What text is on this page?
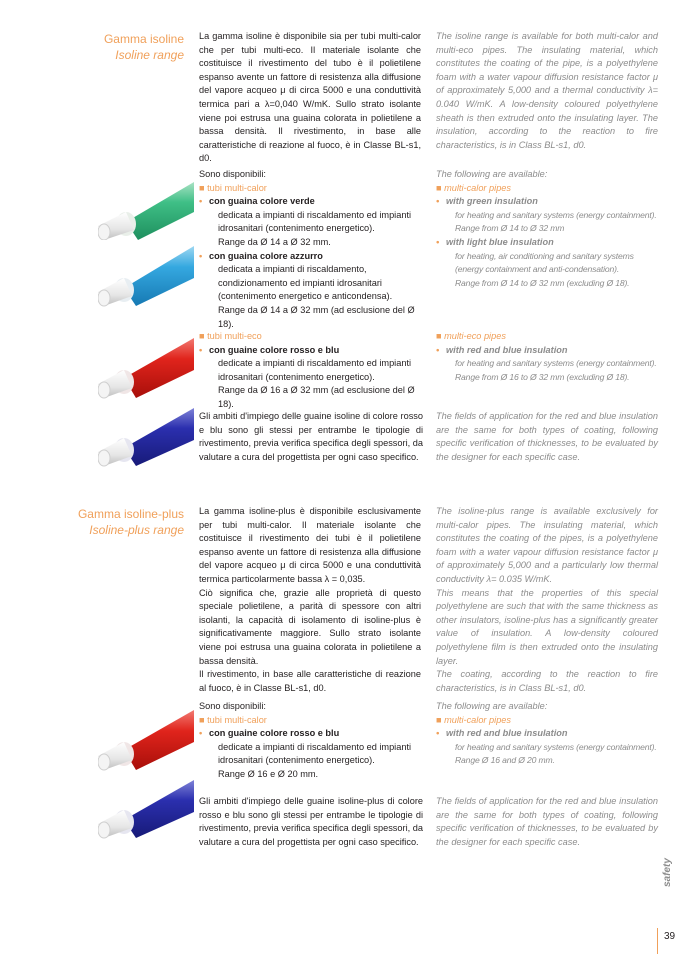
Gamma isoline
Isoline range
La gamma isoline è disponibile sia per tubi multi-calor che per tubi multi-eco. Il materiale isolante che costituisce il rivestimento del tubo è il polietilene espanso avente un fattore di resistenza alla diffusione del vapore acqueo μ di circa 5000 e una conduttività termica pari a λ=0,040 W/mK. Sullo strato isolante viene poi estrusa una guaina colorata in polietilene a bassa densità. Il rivestimento, in base alle caratteristiche di reazione al fuoco, è in Classe BL-s1, d0.
The isoline range is available for both multi-calor and multi-eco pipes. The insulating material, which constitutes the coating of the pipe, is a polyethylene foam with a water vapour diffusion resistance factor μ of approximately 5,000 and a thermal conductivity λ= 0.040 W/mK. A low-density coloured polyethylene sheath is then extruded onto the insulating layer. The insulation, according to the reaction to fire characteristics, is in Class BL-s1, d0.
Sono disponibili:
■ tubi multi-calor
• con guaina colore verde
dedicata a impianti di riscaldamento ed impianti idrosanitari (contenimento energetico).
Range da Ø 14 a Ø 32 mm.
• con guaina colore azzurro
dedicata a impianti di riscaldamento, condizionamento ed impianti idrosanitari (contenimento energetico e anticondensa).
Range da Ø 14 a Ø 32 mm (ad esclusione del Ø 18).
The following are available:
■ multi-calor pipes
• with green insulation
for heating and sanitary systems (energy containment).
Range from Ø 14 to Ø 32 mm
• with light blue insulation
for heating, air conditioning and sanitary systems (energy containment and anti-condensation).
Range from Ø 14 to Ø 32 mm (excluding Ø 18).
■ tubi multi-eco
• con guaine colore rosso e blu
dedicate a impianti di riscaldamento ed impianti idrosanitari (contenimento energetico).
Range da Ø 16 a Ø 32 mm (ad esclusione del Ø 18).
■ multi-eco pipes
• with red and blue insulation
for heating and sanitary systems (energy containment).
Range from Ø 16 to Ø 32 mm (excluding Ø 18).
Gli ambiti d'impiego delle guaine isoline di colore rosso e blu sono gli stessi per entrambe le tipologie di rivestimento, previa verifica specifica degli spessori, da valutare a cura del progettista per ogni caso specifico.
The fields of application for the red and blue insulation are the same for both types of coating, following specific verification of thicknesses, to be evaluated by the designer for each specific case.
Gamma isoline-plus
Isoline-plus range
La gamma isoline-plus è disponibile esclusivamente per tubi multi-calor. Il materiale isolante che costituisce il rivestimento dei tubi è il polietilene espanso avente un fattore di resistenza alla diffusione del vapore acqueo μ di circa 5000 e una conduttività termica particolarmente bassa λ = 0,035.
Ciò significa che, grazie alle proprietà di questo speciale polietilene, a parità di spessore con altri isolanti, la capacità di isolamento di isoline-plus è significativamente maggiore. Sullo strato isolante viene poi estrusa una guaina colorata in polietilene a bassa densità.
Il rivestimento, in base alle caratteristiche di reazione al fuoco, è in Classe BL-s1, d0.
The isoline-plus range is available exclusively for multi-calor pipes. The insulating material, which constitutes the coating of the pipes, is a polyethylene foam with a water vapour diffusion resistance factor μ of approximately 5,000 and a particularly low thermal conductivity λ= 0.035 W/mK.
This means that the properties of this special polyethylene are such that with the same thickness as other insulators, isoline-plus has a significantly greater value of insulation. A low-density coloured polyethylene film is then extruded onto the insulating layer.
The coating, according to the reaction to fire characteristics, is in Class BL-s1, d0.
Sono disponibili:
■ tubi multi-calor
• con guaine colore rosso e blu
dedicate a impianti di riscaldamento ed impianti idrosanitari (contenimento energetico).
Range Ø 16 e Ø 20 mm.
The following are available:
■ multi-calor pipes
• with red and blue insulation
for heating and sanitary systems (energy containment).
Range Ø 16 and Ø 20 mm.
Gli ambiti d'impiego delle guaine isoline-plus di colore rosso e blu sono gli stessi per entrambe le tipologie di rivestimento, previa verifica specifica degli spessori, da valutare a cura del progettista per ogni caso specifico.
The fields of application for the red and blue insulation are the same for both types of coating, following specific verification of thicknesses, to be evaluated by the designer for each specific case.
safety
39
